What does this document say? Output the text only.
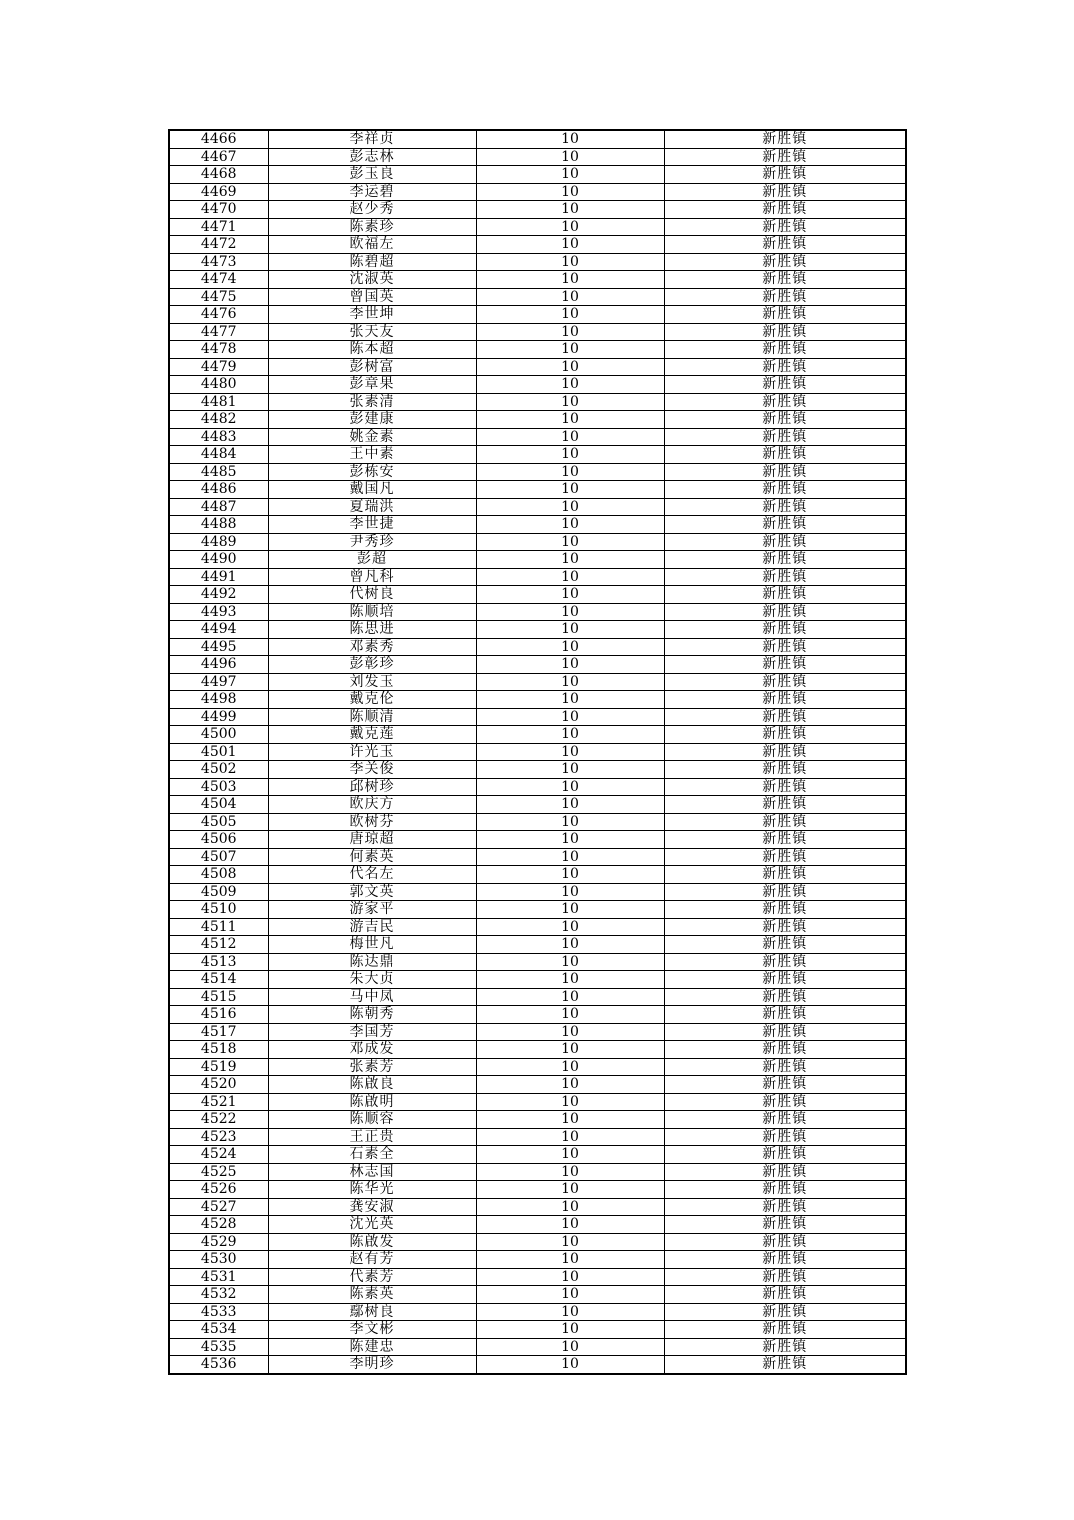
4466	李祥贞	10	新胜镇
4467	彭志林	10	新胜镇
4468	彭玉良	10	新胜镇
4469	李运碧	10	新胜镇
4470	赵少秀	10	新胜镇
4471	陈素珍	10	新胜镇
4472	欧福左	10	新胜镇
4473	陈碧超	10	新胜镇
4474	沈淑英	10	新胜镇
4475	曾国英	10	新胜镇
4476	李世坤	10	新胜镇
4477	张天友	10	新胜镇
4478	陈本超	10	新胜镇
4479	彭树富	10	新胜镇
4480	彭章果	10	新胜镇
4481	张素清	10	新胜镇
4482	彭建康	10	新胜镇
4483	姚金素	10	新胜镇
4484	王中素	10	新胜镇
4485	彭栋安	10	新胜镇
4486	戴国凡	10	新胜镇
4487	夏瑞洪	10	新胜镇
4488	李世捷	10	新胜镇
4489	尹秀珍	10	新胜镇
4490	彭超	10	新胜镇
4491	曾凡科	10	新胜镇
4492	代树良	10	新胜镇
4493	陈顺培	10	新胜镇
4494	陈思进	10	新胜镇
4495	邓素秀	10	新胜镇
4496	彭彰珍	10	新胜镇
4497	刘发玉	10	新胜镇
4498	戴克伦	10	新胜镇
4499	陈顺清	10	新胜镇
4500	戴克莲	10	新胜镇
4501	许光玉	10	新胜镇
4502	李关俊	10	新胜镇
4503	邱树珍	10	新胜镇
4504	欧庆方	10	新胜镇
4505	欧树芬	10	新胜镇
4506	唐琼超	10	新胜镇
4507	何素英	10	新胜镇
4508	代名左	10	新胜镇
4509	郭文英	10	新胜镇
4510	游家平	10	新胜镇
4511	游吉民	10	新胜镇
4512	梅世凡	10	新胜镇
4513	陈达鼎	10	新胜镇
4514	朱大贞	10	新胜镇
4515	马中凤	10	新胜镇
4516	陈朝秀	10	新胜镇
4517	李国芳	10	新胜镇
4518	邓成发	10	新胜镇
4519	张素芳	10	新胜镇
4520	陈啟良	10	新胜镇
4521	陈啟明	10	新胜镇
4522	陈顺容	10	新胜镇
4523	王正贵	10	新胜镇
4524	石素全	10	新胜镇
4525	林志国	10	新胜镇
4526	陈华光	10	新胜镇
4527	龚安淑	10	新胜镇
4528	沈光英	10	新胜镇
4529	陈啟发	10	新胜镇
4530	赵有芳	10	新胜镇
4531	代素芳	10	新胜镇
4532	陈素英	10	新胜镇
4533	鄢树良	10	新胜镇
4534	李文彬	10	新胜镇
4535	陈建忠	10	新胜镇
4536	李明珍	10	新胜镇
